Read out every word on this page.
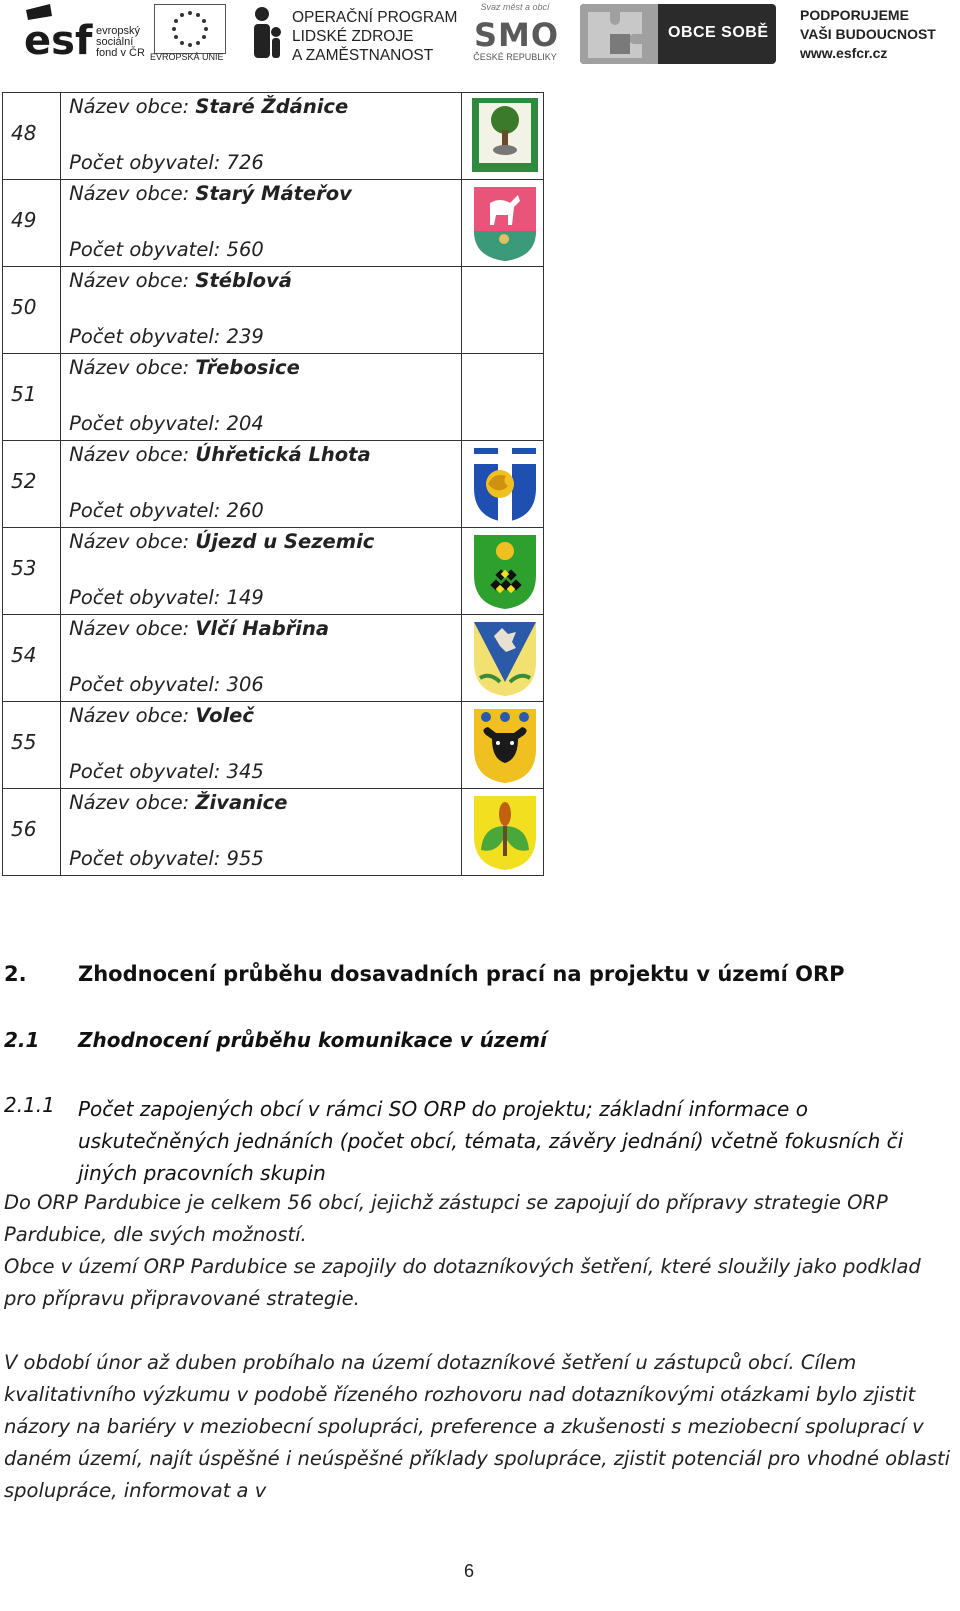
esf evropský
sociální
fond v ČR EVROPSKÁ UNIE
OPERAČNÍ PROGRAM
LIDSKÉ ZDROJE
A ZAMĚSTNANOST
Svaz měst a obcí
SMO
ČESKÉ REPUBLIKY
OBCE SOBĚ
PODPORUJEME
VAŠI BUDOUCNOST
www.esfcr.cz
48	Název obce: Staré Ždánice
Počet obyvatel: 726

49	Název obce: Starý Máteřov
Počet obyvatel: 560

50	Název obce: Stéblová
Počet obyvatel: 239	

51	Název obce: Třebosice
Počet obyvatel: 204	

52	Název obce: Úhřetická Lhota
Počet obyvatel: 260

53	Název obce: Újezd u Sezemic
Počet obyvatel: 149

54	Název obce: Vlčí Habřina
Počet obyvatel: 306

55	Název obce: Voleč
Počet obyvatel: 345

56	Název obce: Živanice
Počet obyvatel: 955

2. Zhodnocení průběhu dosavadních prací na projektu v území ORP
2.1 Zhodnocení průběhu komunikace v území
2.1.1 Počet zapojených obcí v rámci SO ORP do projektu; základní informace o uskutečněných jednáních (počet obcí, témata, závěry jednání) včetně fokusních či jiných pracovních skupin
Do ORP Pardubice je celkem 56 obcí, jejichž zástupci se zapojují do přípravy strategie ORP Pardubice, dle svých možností.
Obce v území ORP Pardubice se zapojily do dotazníkových šetření, které sloužily jako podklad pro přípravu připravované strategie.
V období únor až duben probíhalo na území dotazníkové šetření u zástupců obcí. Cílem kvalitativního výzkumu v podobě řízeného rozhovoru nad dotazníkovými otázkami bylo zjistit názory na bariéry v meziobecní spolupráci, preference a zkušenosti s meziobecní spoluprací v daném území, najít úspěšné i neúspěšné příklady spolupráce, zjistit potenciál pro vhodné oblasti spolupráce, informovat a v
6
